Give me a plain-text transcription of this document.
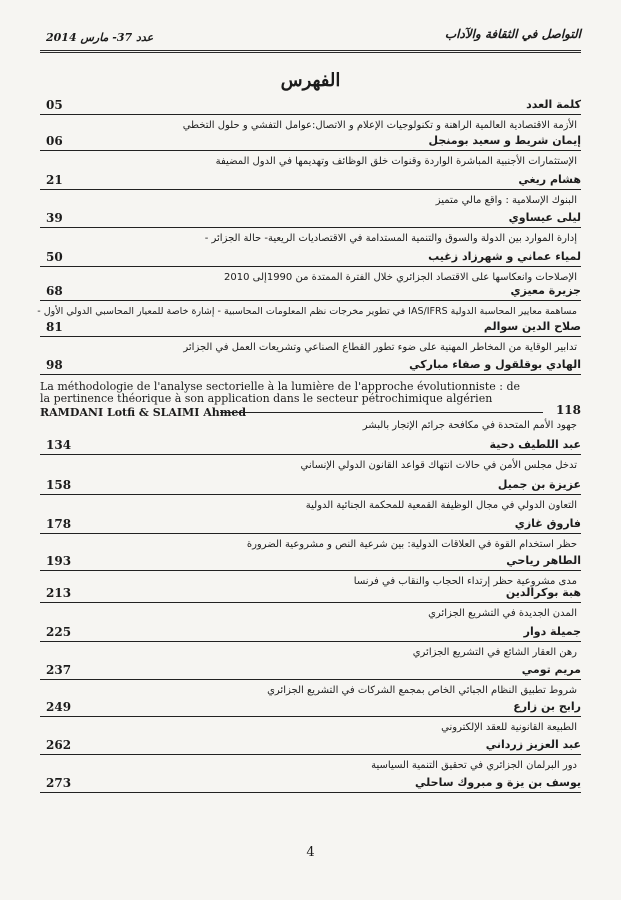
عدد 37- مارس 2014	التواصل في الثقافة والآداب
الفهرس
كلمة العدد
05
الأزمة الاقتصادية العالمية الراهنة و تكنولوجيات الإعلام و الاتصال:عوامل التفشي و حلول التخطي
إيمان شريط و سعيد بومنجل
06
الإستثمارات الأجنبية المباشرة الواردة وقنوات خلق الوظائف وتهديمها في الدول المضيفة
هشام ريغي
21
البنوك الإسلامية : واقع مالي متميز
ليلى عيساوي
39
إدارة الموارد بين الدولة والسوق والتنمية المستدامة في الاقتصاديات الريعية- حالة الجزائر -
لمياء عماني و شهرزاد زغيب
50
الإصلاحات وانعكاسها على الاقتصاد الجزائري خلال الفترة الممتدة من 1990إلى 2010
جزيرة معيزي
68
مساهمة معايير المحاسبة الدولية IAS/IFRS في تطوير مخرجات نظم المعلومات المحاسبية - إشارة خاصة للمعيار المحاسبي الدولي الأول -
صلاح الدين سوالم
81
تدابير الوقاية من المخاطر المهنية على ضوء تطور القطاع الصناعي وتشريعات العمل في الجزائر
الهادي بوقلقول و صفاء مباركي
98
La méthodologie de l'analyse sectorielle à la lumière de l'approche évolutionniste : de la pertinence théorique à son application dans le secteur pétrochimique algérien
RAMDANI Lotfi & SLAIMI Ahmed	118
جهود الأمم المتحدة في مكافحة جرائم الإتجار بالبشر
عبد اللطيف دحية
134
تدخل مجلس الأمن في حالات انتهاك قواعد القانون الدولي الإنساني
عزيزة بن جميل
158
التعاون الدولي في مجال الوظيفة القمعية للمحكمة الجنائية الدولية
فاروق غازي
178
حظر استخدام القوة في العلاقات الدولية: بين شرعية النص و مشروعية الضرورة
الطاهر رياحي
193
مدى مشروعية حظر إرتداء الحجاب والنقاب في فرنسا
هبة بوكرالدين
213
المدن الجديدة في التشريع الجزائري
جميلة دوار
225
رهن العقار الشائع في التشريع الجزائري
مريم تومي
237
شروط تطبيق النظام الجبائي الخاص بمجمع الشركات في التشريع الجزائري
رابح بن زارع
249
الطبيعة القانونية للعقد الإلكتروني
عبد العزيز زرداني
262
دور البرلمان الجزائري في تحقيق التنمية السياسية
يوسف بن يزة و مبروك ساحلي
273
4
